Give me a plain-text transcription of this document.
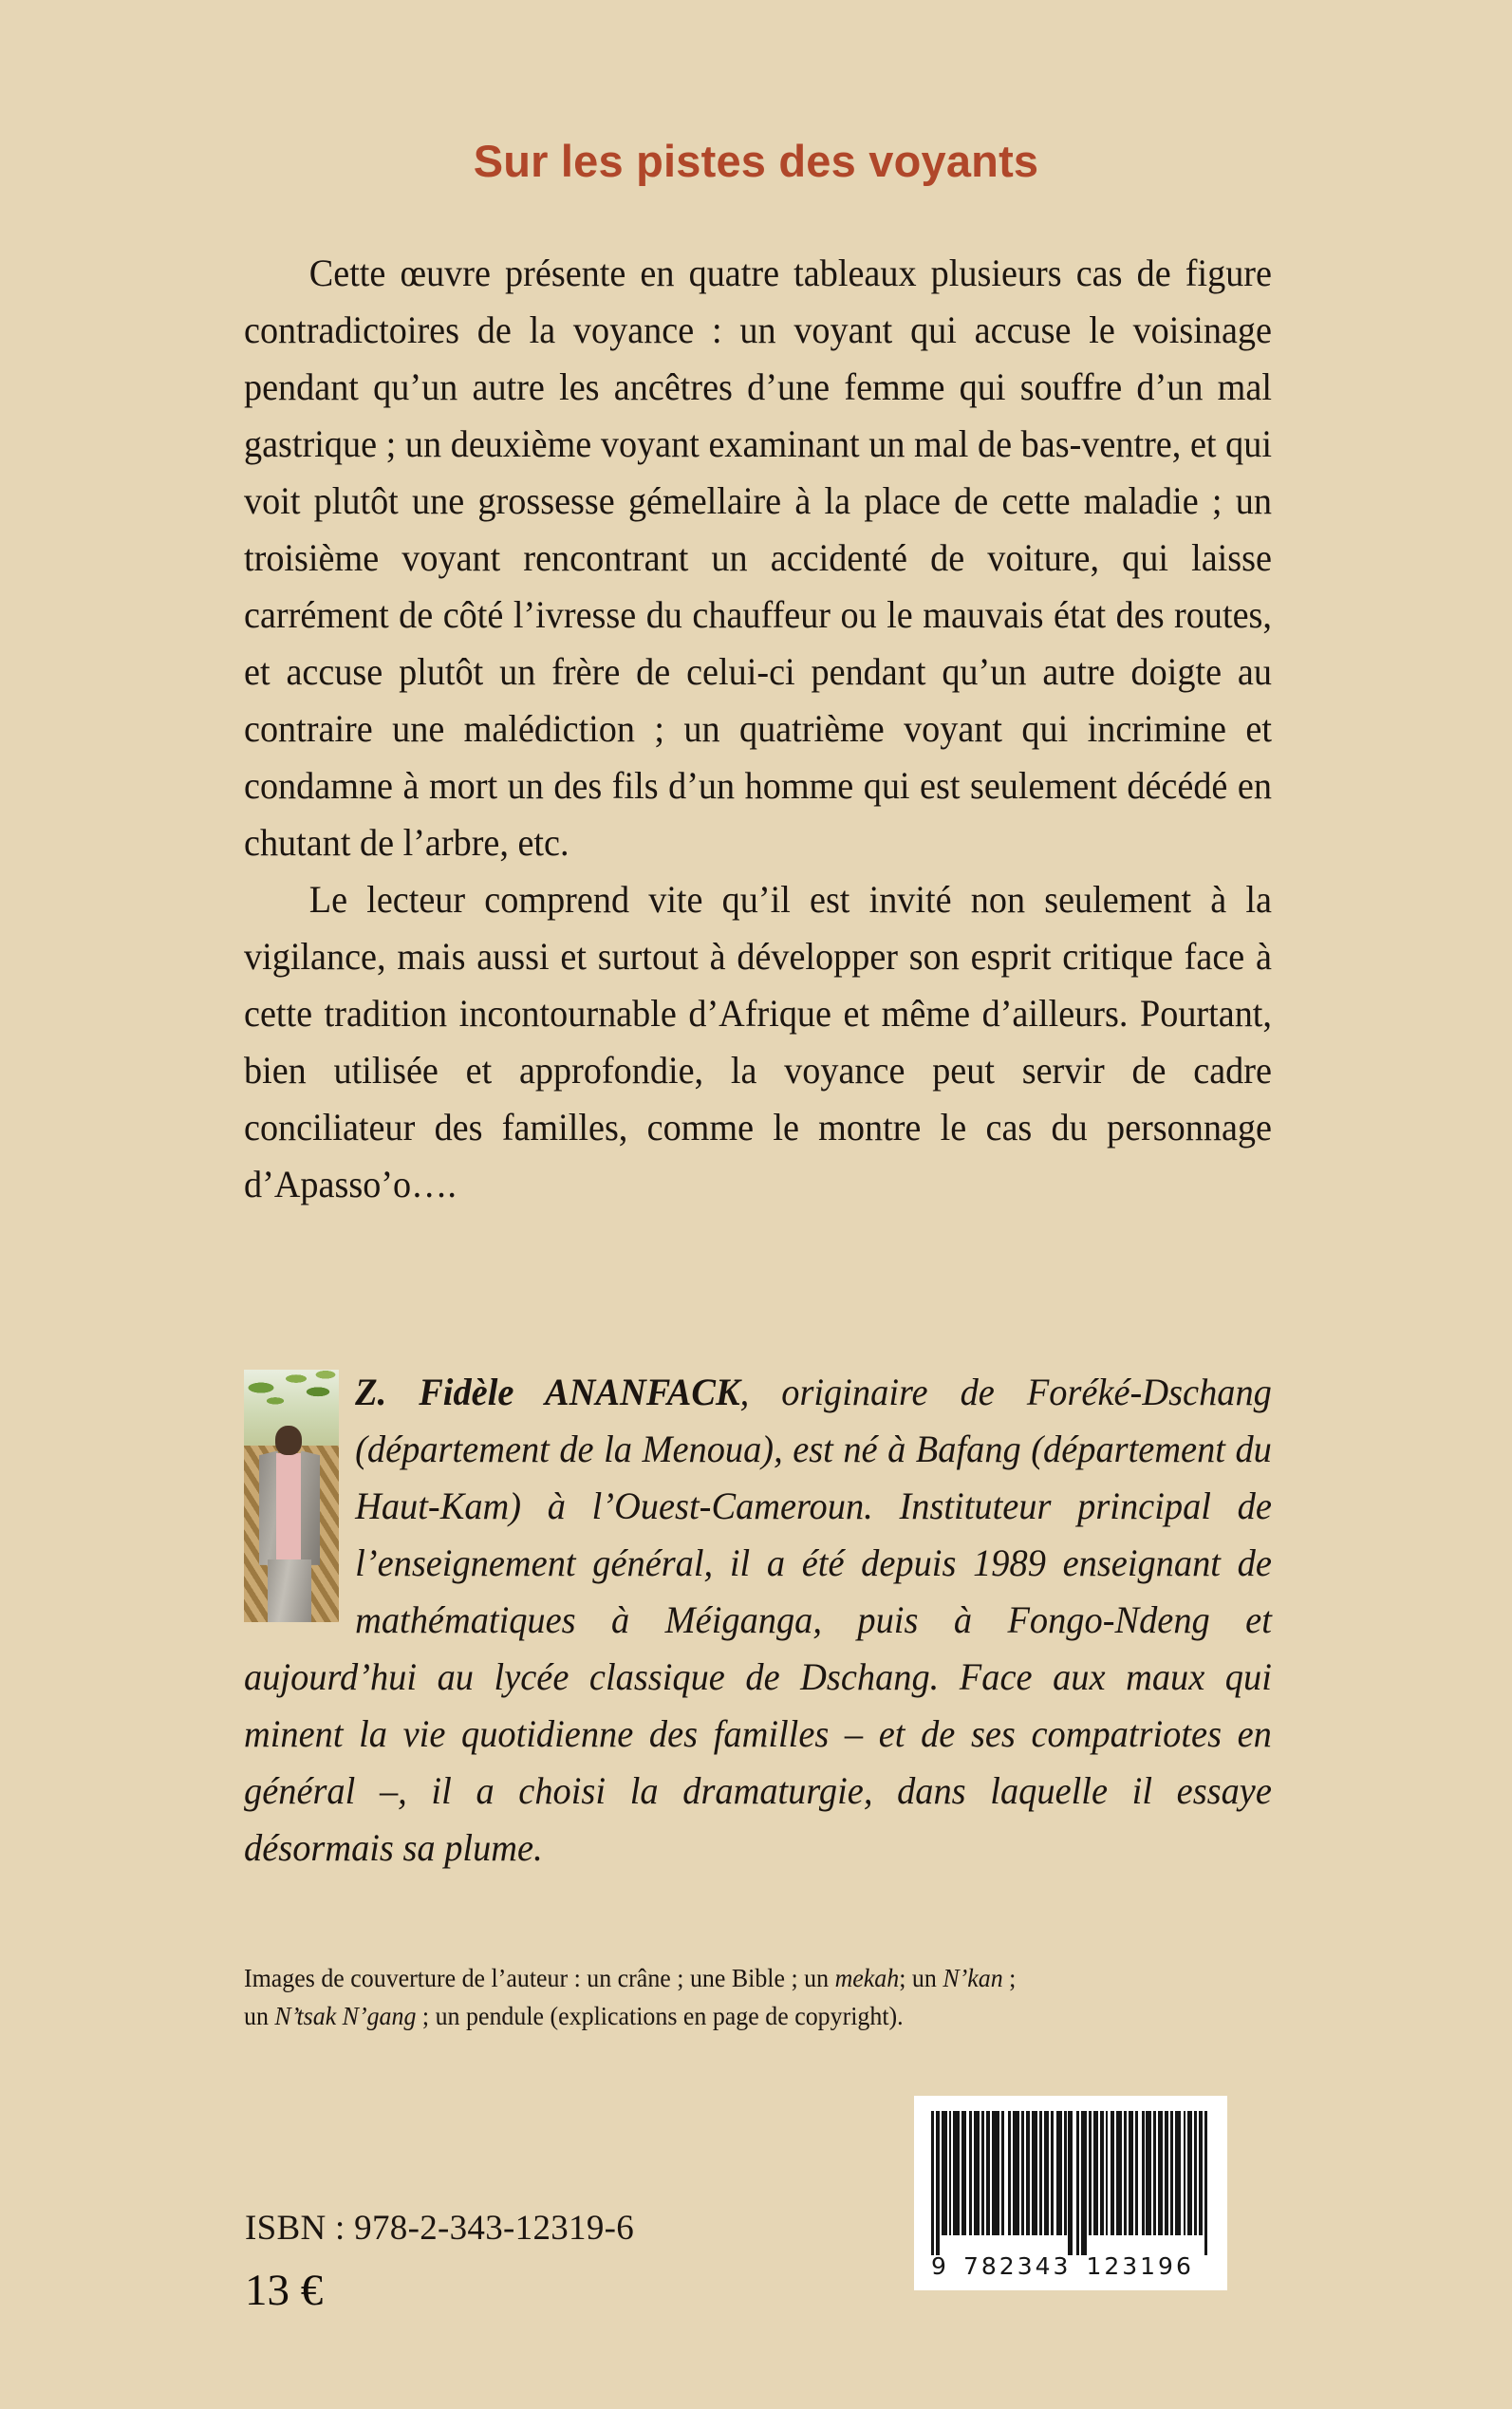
Sur les pistes des voyants

Cette œuvre présente en quatre tableaux plusieurs cas de figure contradictoires de la voyance : un voyant qui accuse le voisinage pendant qu’un autre les ancêtres d’une femme qui souffre d’un mal gastrique ; un deuxième voyant examinant un mal de bas-ventre, et qui voit plutôt une grossesse gémellaire à la place de cette maladie ; un troisième voyant rencontrant un accidenté de voiture, qui laisse carrément de côté l’ivresse du chauffeur ou le mauvais état des routes, et accuse plutôt un frère de celui-ci pendant qu’un autre doigte au contraire une malédiction ; un quatrième voyant qui incrimine et condamne à mort un des fils d’un homme qui est seulement décédé en chutant de l’arbre, etc.

Le lecteur comprend vite qu’il est invité non seulement à la vigilance, mais aussi et surtout à développer son esprit critique face à cette tradition incontournable d’Afrique et même d’ailleurs. Pourtant, bien utilisée et approfondie, la voyance peut servir de cadre conciliateur des familles, comme le montre le cas du personnage d’Apasso’o….

Z. Fidèle ANANFACK, originaire de Foréké-Dschang (département de la Menoua), est né à Bafang (département du Haut-Kam) à l’Ouest-Cameroun. Instituteur principal de l’enseignement général, il a été depuis 1989 enseignant de mathématiques à Méiganga, puis à Fongo-Ndeng et aujourd’hui au lycée classique de Dschang. Face aux maux qui minent la vie quotidienne des familles – et de ses compatriotes en général –, il a choisi la dramaturgie, dans laquelle il essaye désormais sa plume.

Images de couverture de l’auteur : un crâne ; une Bible ; un mekah; un N’kan ;

un N’tsak N’gang ; un pendule (explications en page de copyright).

ISBN : 978-2-343-12319-6
13 €	9 782343 123196
